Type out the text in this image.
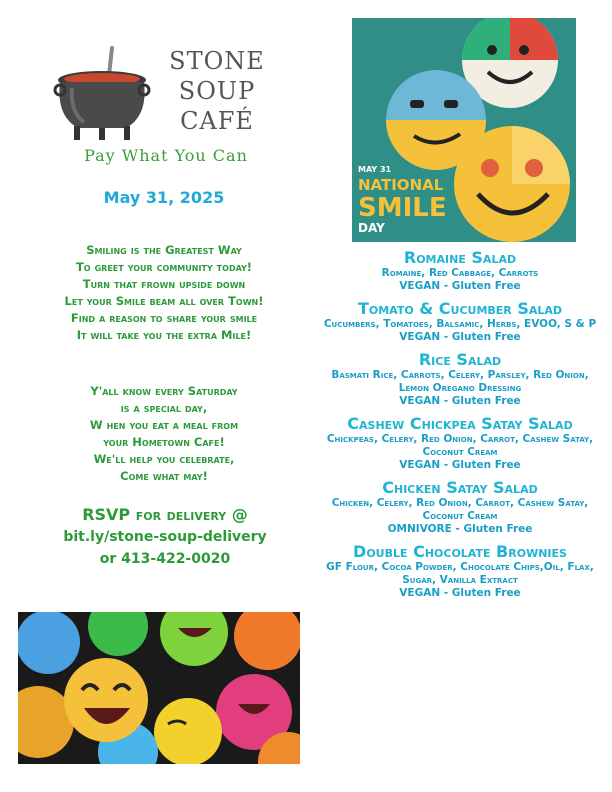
STONE
SOUP
CAFÉ
Pay What You Can
May 31, 2025
Smiling is the Greatest Way
To greet your community today!
Turn that frown upside down
Let your Smile beam all over Town!
Find a reason to share your smile
It will take you the extra Mile!
Y'all know every Saturday
is a special day,
W hen you eat a meal from
your Hometown Cafe!
We'll help you celebrate,
Come what may!
RSVP for delivery @
bit.ly/stone-soup-delivery
or 413-422-0020
MAY 31
NATIONAL
SMILE
DAY
Romaine Salad
Romaine, Red Cabbage, Carrots
VEGAN - Gluten Free
Tomato & Cucumber Salad
Cucumbers, Tomatoes, Balsamic, Herbs, EVOO, S & P
VEGAN - Gluten Free
Rice Salad
Basmati Rice, Carrots, Celery, Parsley, Red Onion, Lemon Oregano Dressing
VEGAN - Gluten Free
Cashew Chickpea Satay Salad
Chickpeas, Celery, Red Onion, Carrot, Cashew Satay, Coconut Cream
VEGAN - Gluten Free
Chicken Satay Salad
Chicken, Celery, Red Onion, Carrot, Cashew Satay, Coconut Cream
OMNIVORE - Gluten Free
Double Chocolate Brownies
GF Flour, Cocoa Powder, Chocolate Chips,Oil, Flax, Sugar, Vanilla Extract
VEGAN - Gluten Free
